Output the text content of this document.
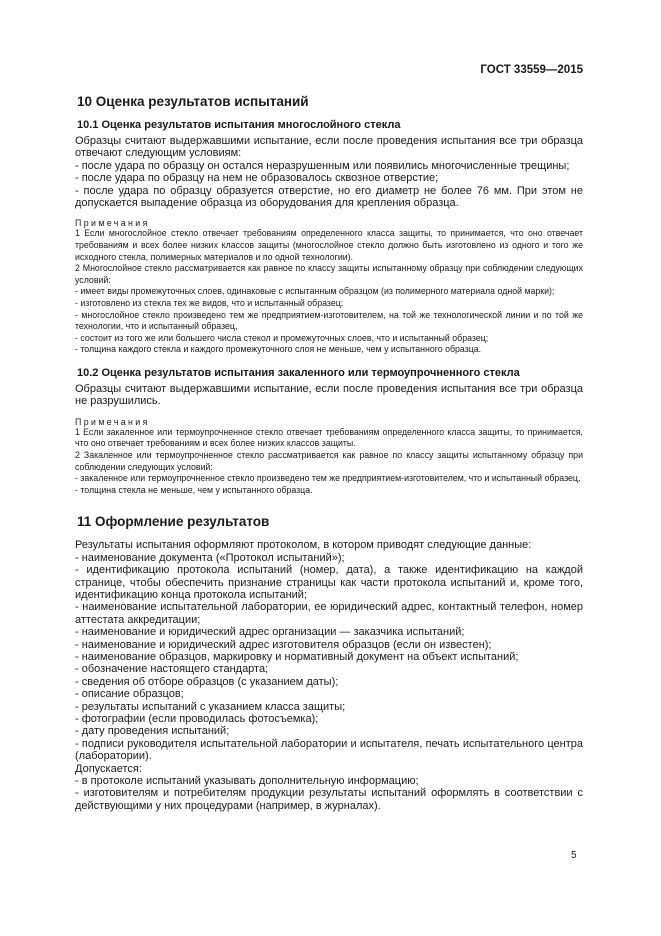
ГОСТ 33559—2015
10 Оценка результатов испытаний
10.1 Оценка результатов испытания многослойного стекла

Образцы считают выдержавшими испытание, если после проведения испытания все три образца отвечают следующим условиям:

- после удара по образцу он остался неразрушенным или появились многочисленные трещины;

- после удара по образцу на нем не образовалось сквозное отверстие;

- после удара по образцу образуется отверстие, но его диаметр не более 76 мм. При этом не допускается выпадение образца из оборудования для крепления образца.

Примечания

1 Если многослойное стекло отвечает требованиям определенного класса защиты, то принимается, что оно отвечает требованиям и всех более низких классов защиты (многослойное стекло должно быть изготовлено из одного и того же исходного стекла, полимерных материалов и по одной технологии).

2 Многослойное стекло рассматривается как равное по классу защиты испытанному образцу при соблюдении следующих условий:

- имеет виды промежуточных слоев, одинаковые с испытанным образцом (из полимерного материала одной марки);

- изготовлено из стекла тех же видов, что и испытанный образец;

- многослойное стекло произведено тем же предприятием-изготовителем, на той же технологической линии и по той же технологии, что и испытанный образец,

- состоит из того же или большего числа стекол и промежуточных слоев, что и испытанный образец;

- толщина каждого стекла и каждого промежуточного слоя не меньше, чем у испытанного образца.

10.2 Оценка результатов испытания закаленного или термоупрочненного стекла

Образцы считают выдержавшими испытание, если после проведения испытания все три образца не разрушились.

Примечания

1 Если закаленное или термоупрочненное стекло отвечает требованиям определенного класса защиты, то принимается, что оно отвечает требованиям и всех более низких классов защиты.

2 Закаленное или термоупрочненное стекло рассматривается как равное по классу защиты испытанному образцу при соблюдении следующих условий:

- закаленное или термоупрочненное стекло произведено тем же предприятием-изготовителем, что и испытанный образец,

- толщина стекла не меньше, чем у испытанного образца.

11 Оформление результатов

Результаты испытания оформляют протоколом, в котором приводят следующие данные:

- наименование документа («Протокол испытаний»);

- идентификацию протокола испытаний (номер, дата), а также идентификацию на каждой странице, чтобы обеспечить признание страницы как части протокола испытаний и, кроме того, идентификацию конца протокола испытаний;

- наименование испытательной лаборатории, ее юридический адрес, контактный телефон, номер аттестата аккредитации;

- наименование и юридический адрес организации — заказчика испытаний;

- наименование и юридический адрес изготовителя образцов (если он известен);

- наименование образцов, маркировку и нормативный документ на объект испытаний;

- обозначение настоящего стандарта;

- сведения об отборе образцов (с указанием даты);

- описание образцов;

- результаты испытаний с указанием класса защиты;

- фотографии (если проводилась фотосъемка);

- дату проведения испытаний;

- подписи руководителя испытательной лаборатории и испытателя, печать испытательного центра (лаборатории).

Допускается:

- в протоколе испытаний указывать дополнительную информацию;

- изготовителям и потребителям продукции результаты испытаний оформлять в соответствии с действующими у них процедурами (например, в журналах).

5
